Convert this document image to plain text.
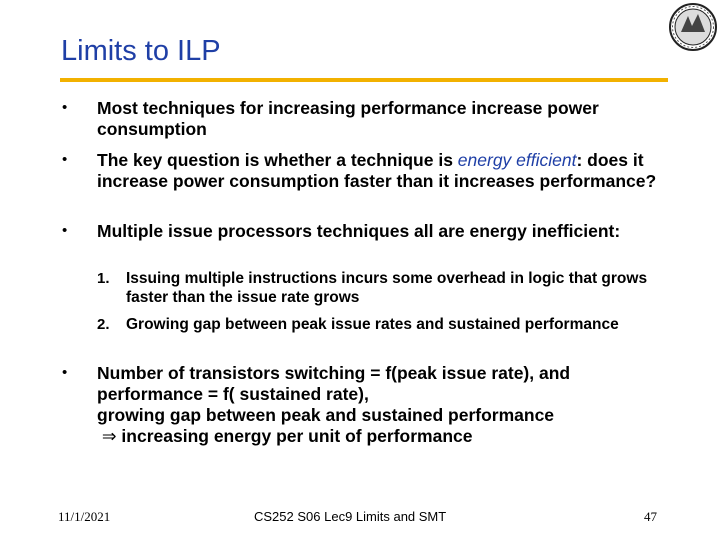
Limits to ILP
• Most techniques for increasing performance increase power consumption
• The key question is whether a technique is energy efficient: does it increase power consumption faster than it increases performance?
• Multiple issue processors techniques all are energy inefficient:
1. Issuing multiple instructions incurs some overhead in logic that grows faster than the issue rate grows
2. Growing gap between peak issue rates and sustained performance
• Number of transistors switching = f(peak issue rate), and
performance = f( sustained rate),
growing gap between peak and sustained performance
⇒ increasing energy per unit of performance
11/1/2021	CS252 S06 Lec9 Limits and SMT	47
